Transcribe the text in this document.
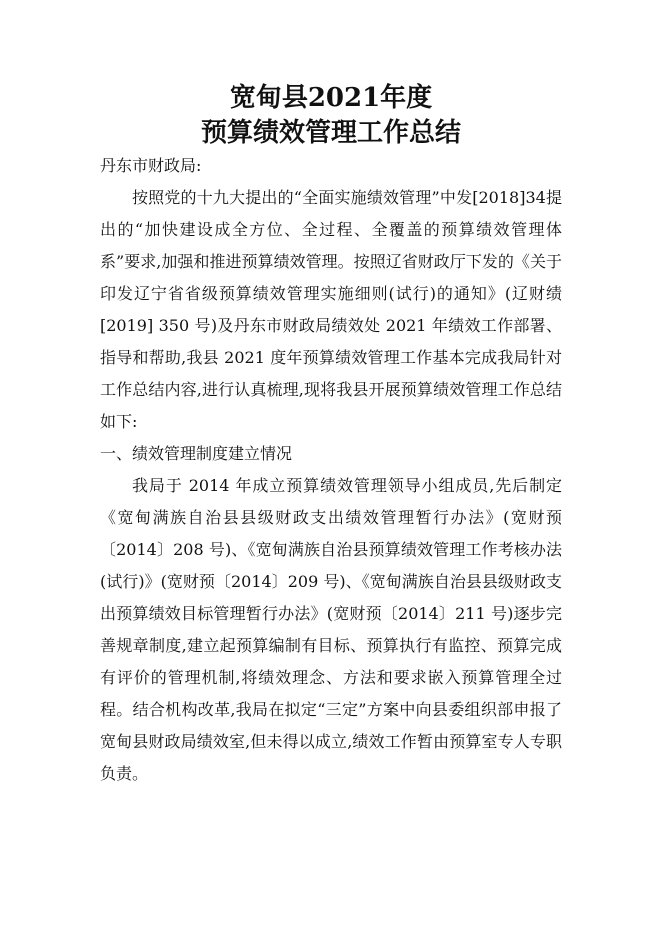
宽甸县2021年度
预算绩效管理工作总结

丹东市财政局:

按照党的十九大提出的“全面实施绩效管理”中发[2018]34提出的“加快建设成全方位、全过程、全覆盖的预算绩效管理体系”要求,加强和推进预算绩效管理。按照辽省财政厅下发的《关于印发辽宁省省级预算绩效管理实施细则(试行)的通知》(辽财绩[2019] 350 号)及丹东市财政局绩效处 2021 年绩效工作部署、指导和帮助,我县 2021 度年预算绩效管理工作基本完成我局针对工作总结内容,进行认真梳理,现将我县开展预算绩效管理工作总结如下:

一、绩效管理制度建立情况

我局于 2014 年成立预算绩效管理领导小组成员,先后制定《宽甸满族自治县县级财政支出绩效管理暂行办法》(宽财预〔2014〕208 号)、《宽甸满族自治县预算绩效管理工作考核办法(试行)》(宽财预〔2014〕209 号)、《宽甸满族自治县县级财政支出预算绩效目标管理暂行办法》(宽财预〔2014〕211 号)逐步完善规章制度,建立起预算编制有目标、预算执行有监控、预算完成有评价的管理机制,将绩效理念、方法和要求嵌入预算管理全过程。结合机构改革,我局在拟定“三定”方案中向县委组织部申报了宽甸县财政局绩效室,但未得以成立,绩效工作暂由预算室专人专职负责。
